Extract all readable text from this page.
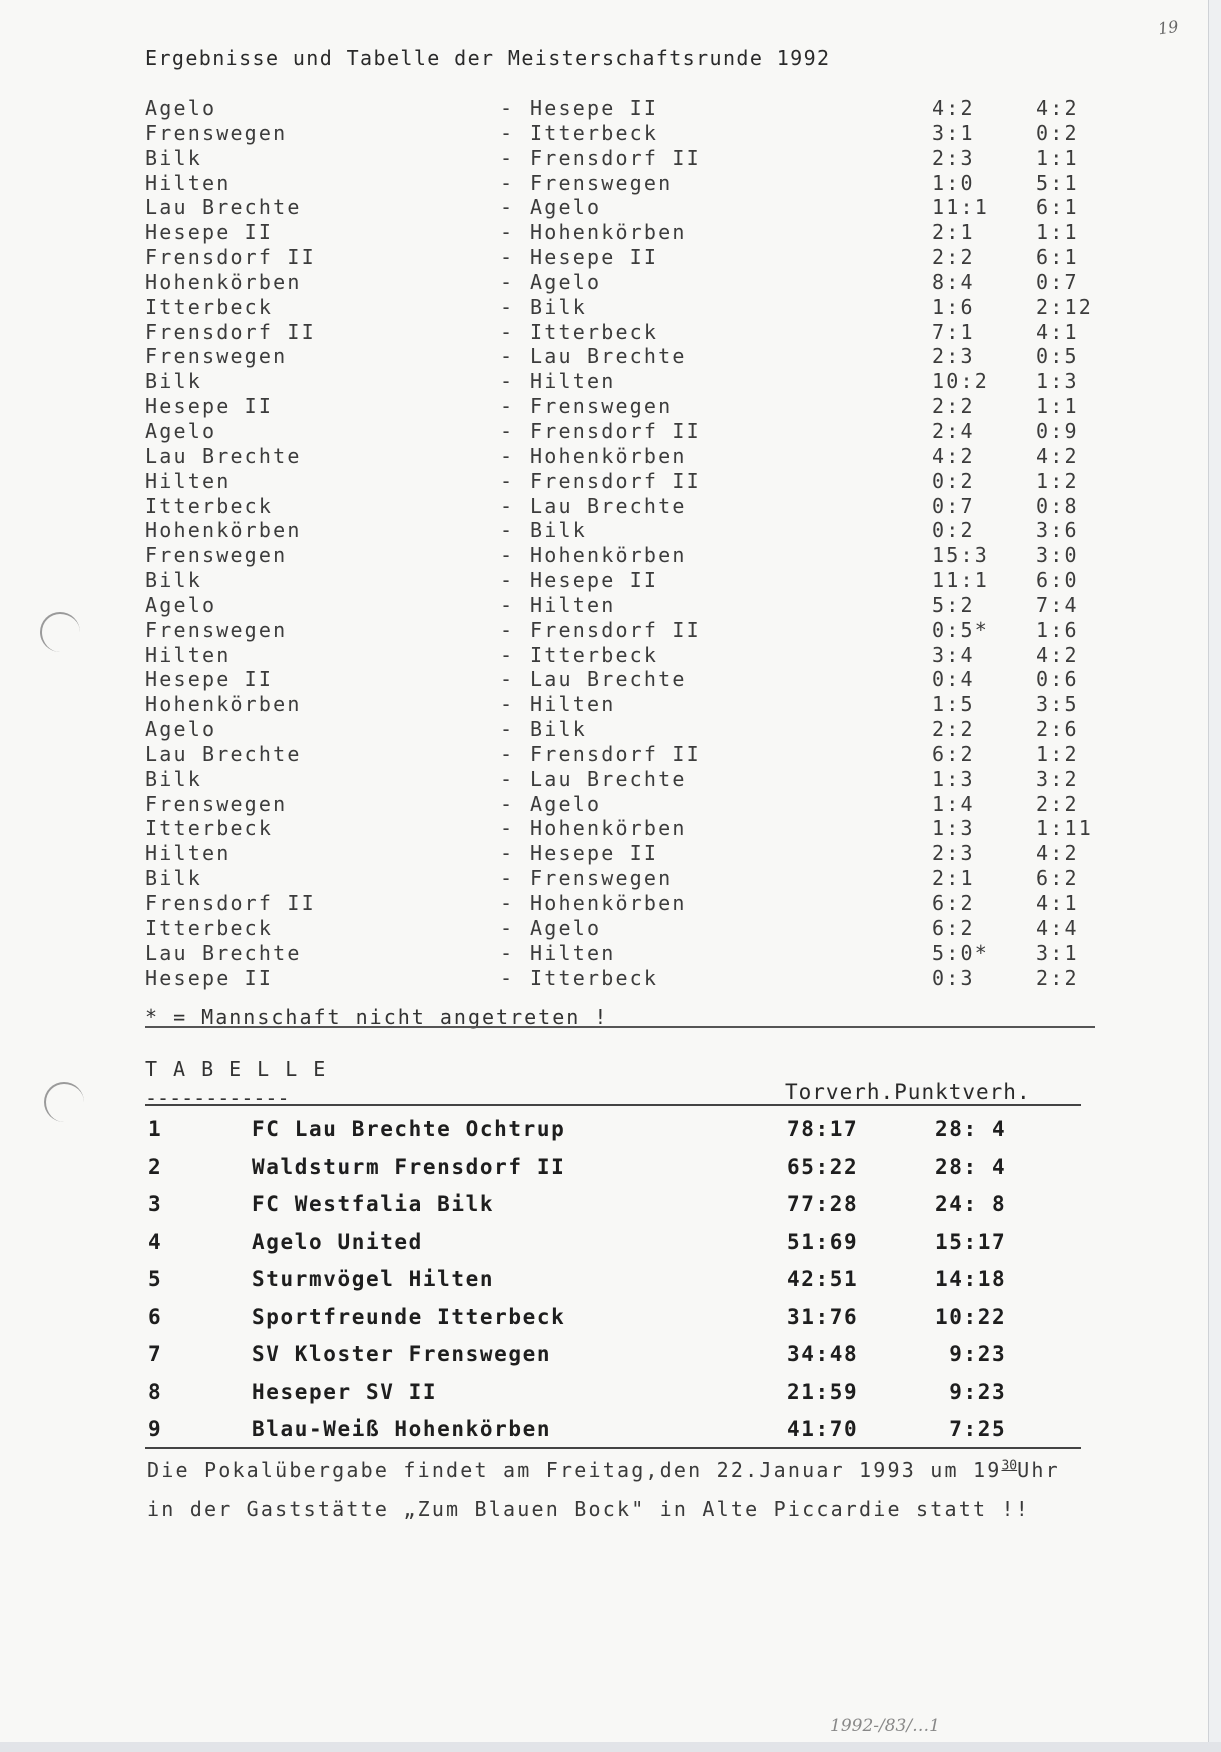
19
Ergebnisse und Tabelle der Meisterschaftsrunde 1992
Agelo	- Hesepe II	4:2	4:2
Frenswegen	- Itterbeck	3:1	0:2
Bilk	- Frensdorf II	2:3	1:1
Hilten	- Frenswegen	1:0	5:1
Lau Brechte	- Agelo	11:1 6:1
Hesepe II	- Hohenkörben	2:1	1:1
Frensdorf II	- Hesepe II	2:2	6:1
Hohenkörben	- Agelo	8:4	0:7
Itterbeck	- Bilk	1:6	2:12
Frensdorf II	- Itterbeck	7:1	4:1
Frenswegen	- Lau Brechte	2:3	0:5
Bilk	- Hilten	10:2 1:3
Hesepe II	- Frenswegen	2:2	1:1
Agelo	- Frensdorf II	2:4	0:9
Lau Brechte	- Hohenkörben	4:2	4:2
Hilten	- Frensdorf II	0:2	1:2
Itterbeck	- Lau Brechte	0:7	0:8
Hohenkörben	- Bilk	0:2	3:6
Frenswegen	- Hohenkörben	15:3 3:0
Bilk	- Hesepe II	11:1 6:0
Agelo	- Hilten	5:2	7:4
Frenswegen	- Frensdorf II	0:5* 1:6
Hilten	- Itterbeck	3:4	4:2
Hesepe II	- Lau Brechte	0:4	0:6
Hohenkörben	- Hilten	1:5	3:5
Agelo	- Bilk	2:2	2:6
Lau Brechte	- Frensdorf II	6:2	1:2
Bilk	- Lau Brechte	1:3	3:2
Frenswegen	- Agelo	1:4	2:2
Itterbeck	- Hohenkörben	1:3	1:11
Hilten	- Hesepe II	2:3	4:2
Bilk	- Frenswegen	2:1	6:2
Frensdorf II	- Hohenkörben	6:2	4:1
Itterbeck	- Agelo	6:2	4:4
Lau Brechte	- Hilten	5:0* 3:1
Hesepe II	- Itterbeck	0:3	2:2
* = Mannschaft nicht angetreten !
TABELLE
------------	Torverh.Punktverh.
1	FC Lau Brechte Ochtrup	78:17	28: 4
2	Waldsturm Frensdorf II	65:22	28: 4
3	FC Westfalia Bilk	77:28	24: 8
4	Agelo United	51:69	15:17
5	Sturmvögel Hilten	42:51	14:18
6	Sportfreunde Itterbeck	31:76	10:22
7	SV Kloster Frenswegen	34:48	9:23
8	Heseper SV II	21:59	9:23
9	Blau-Weiß Hohenkörben	41:70	7:25
Die Pokalübergabe findet am Freitag,den 22.Januar 1993 um $19^{30}Uhr$
in der Gaststätte „Zum Blauen Bock" in Alte Piccardie statt !!
1992-/83/…1
